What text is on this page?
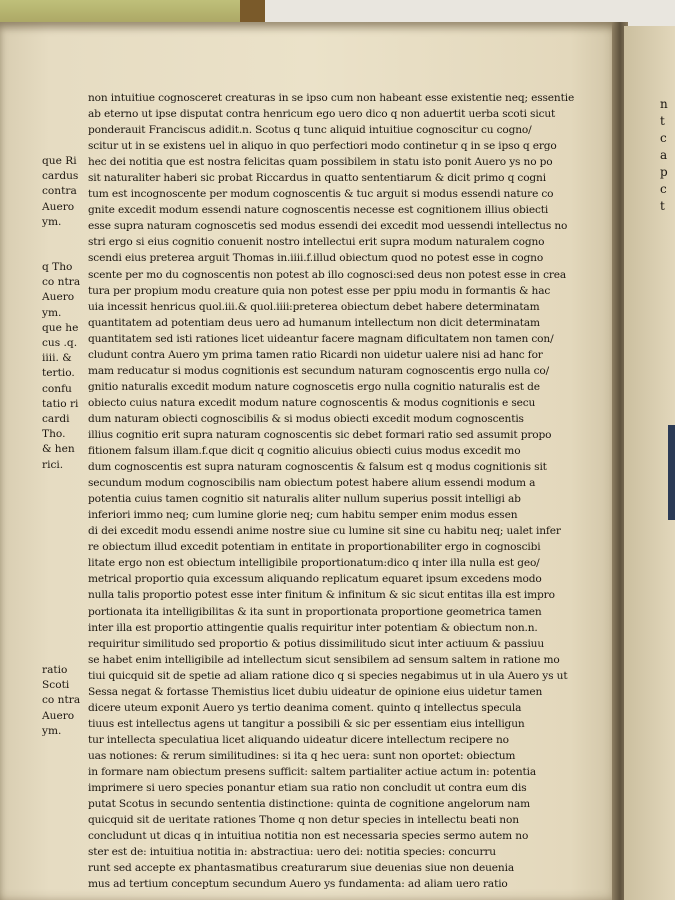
n
t
c
a
p
c
t
que Ri
cardus
contra
Auero
ym.
q Tho
co ntra
Auero
ym.
que he
cus .q.
iiii. &
tertio.
confu
tatio ri
cardi
Tho.
& hen
rici.
ratio
Scoti
co ntra
Auero
ym.
non intuitiue cognosceret creaturas in se ipso cum non habeant esse existentie neq; essentie
ab eterno ut ipse disputat contra henricum ego uero dico q non aduertit uerba scoti sicut
ponderauit Franciscus adidit.n. Scotus q tunc aliquid intuitiue cognoscitur cu cogno/
scitur ut in se existens uel in aliquo in quo perfectiori modo continetur q in se ipso q ergo
hec dei notitia que est nostra felicitas quam possibilem in statu isto ponit Auero ys no po
sit naturaliter haberi sic probat Riccardus in quatto sententiarum & dicit primo q cogni
tum est incognoscente per modum cognoscentis & tuc arguit si modus essendi nature co
gnite excedit modum essendi nature cognoscentis necesse est cognitionem illius obiecti
esse supra naturam cognoscetis sed modus essendi dei excedit mod uessendi intellectus no
stri ergo si eius cognitio conuenit nostro intellectui erit supra modum naturalem cogno
scendi eius preterea arguit Thomas in.iiii.f.illud obiectum quod no potest esse in cogno
scente per mo du cognoscentis non potest ab illo cognosci:sed deus non potest esse in crea
tura per propium modu creature quia non potest esse per ppiu modu in formantis & hac
uia incessit henricus quol.iii.& quol.iiii:preterea obiectum debet habere determinatam
quantitatem ad potentiam deus uero ad humanum intellectum non dicit determinatam
quantitatem sed isti rationes licet uideantur facere magnam dificultatem non tamen con/
cludunt contra Auero ym prima tamen ratio Ricardi non uidetur ualere nisi ad hanc for
mam reducatur si modus cognitionis est secundum naturam cognoscentis ergo nulla co/
gnitio naturalis excedit modum nature cognoscetis ergo nulla cognitio naturalis est de
obiecto cuius natura excedit modum nature cognoscentis & modus cognitionis e secu
dum naturam obiecti cognoscibilis & si modus obiecti excedit modum cognoscentis
illius cognitio erit supra naturam cognoscentis sic debet formari ratio sed assumit propo
fitionem falsum illam.f.que dicit q cognitio alicuius obiecti cuius modus excedit mo
dum cognoscentis est supra naturam cognoscentis & falsum est q modus cognitionis sit
secundum modum cognoscibilis nam obiectum potest habere alium essendi modum a
potentia cuius tamen cognitio sit naturalis aliter nullum superius possit intelligi ab
inferiori immo neq; cum lumine glorie neq; cum habitu semper enim modus essen
di dei excedit modu essendi anime nostre siue cu lumine sit sine cu habitu neq; ualet infer
re obiectum illud excedit potentiam in entitate in proportionabiliter ergo in cognoscibi
litate ergo non est obiectum intelligibile proportionatum:dico q inter illa nulla est geo/
metrical proportio quia excessum aliquando replicatum equaret ipsum excedens modo
nulla talis proportio potest esse inter finitum & infinitum & sic sicut entitas illa est impro
portionata ita intelligibilitas & ita sunt in proportionata proportione geometrica tamen
inter illa est proportio attingentie qualis requiritur inter potentiam & obiectum non.n.
requiritur similitudo sed proportio & potius dissimilitudo sicut inter actiuum & passiuu
se habet enim intelligibile ad intellectum sicut sensibilem ad sensum saltem in ratione mo
tiui quicquid sit de spetie ad aliam ratione dico q si species negabimus ut in ula Auero ys ut
Sessa negat & fortasse Themistius licet dubiu uideatur de opinione eius uidetur tamen
dicere uteum exponit Auero ys tertio deanima coment. quinto q intellectus specula
tiuus est intellectus agens ut tangitur a possibili & sic per essentiam eius intelligun
tur intellecta speculatiua licet aliquando uideatur dicere intellectum recipere no
uas notiones: & rerum similitudines: si ita q hec uera: sunt non oportet: obiectum
in formare nam obiectum presens sufficit: saltem partialiter actiue actum in: potentia
imprimere si uero species ponantur etiam sua ratio non concludit ut contra eum dis
putat Scotus in secundo sententia distinctione: quinta de cognitione angelorum nam
quicquid sit de ueritate rationes Thome q non detur species in intellectu beati non
concludunt ut dicas q in intuitiua notitia non est necessaria species sermo autem no
ster est de: intuitiua notitia in: abstractiua: uero dei: notitia species: concurru
runt sed accepte ex phantasmatibus creaturarum siue deuenias siue non deuenia
mus ad tertium conceptum secundum Auero ys fundamenta: ad aliam uero ratio
